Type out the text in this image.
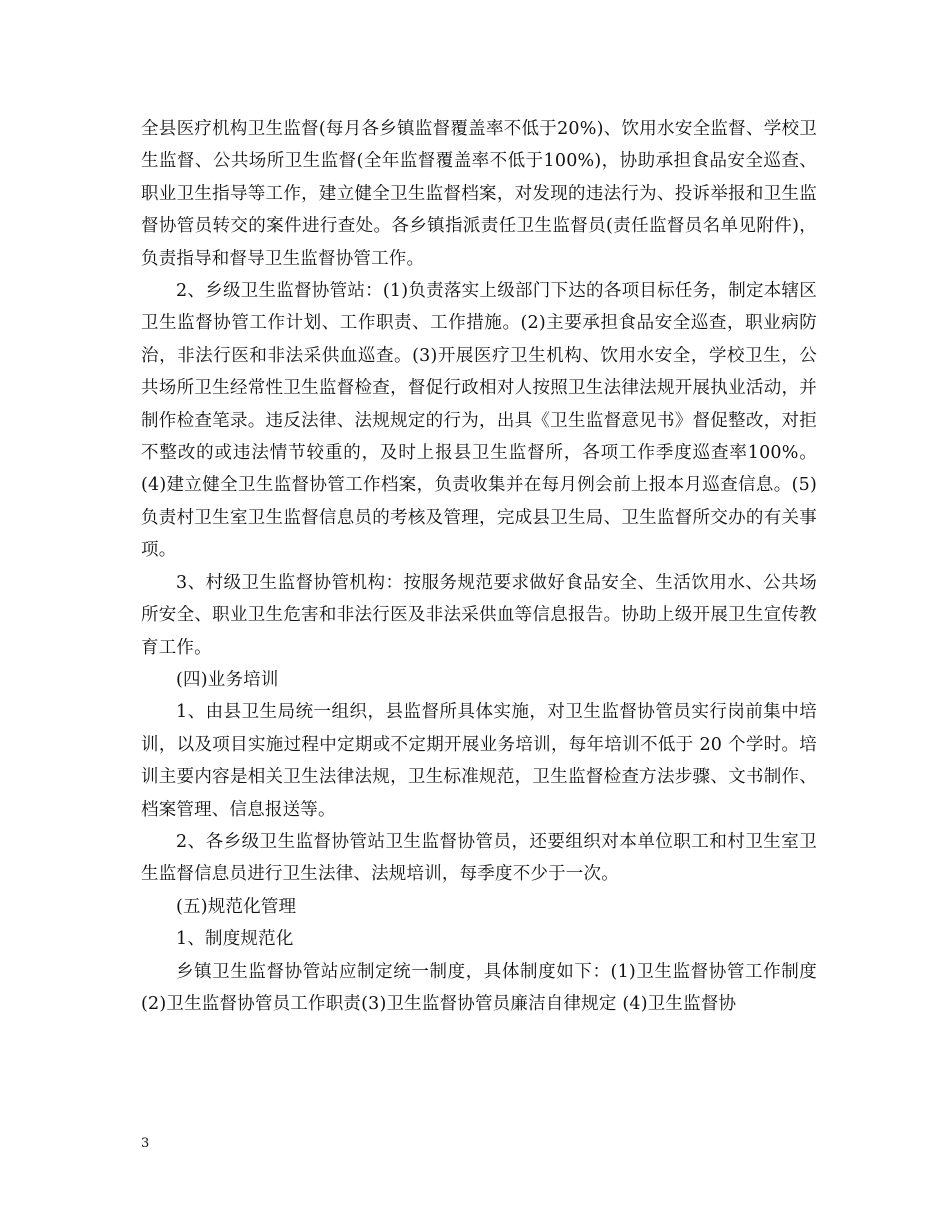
全县医疗机构卫生监督(每月各乡镇监督覆盖率不低于20%)、饮用水安全监督、学校卫生监督、公共场所卫生监督(全年监督覆盖率不低于100%)，协助承担食品安全巡查、职业卫生指导等工作，建立健全卫生监督档案，对发现的违法行为、投诉举报和卫生监督协管员转交的案件进行查处。各乡镇指派责任卫生监督员(责任监督员名单见附件)，负责指导和督导卫生监督协管工作。

2、乡级卫生监督协管站：(1)负责落实上级部门下达的各项目标任务，制定本辖区卫生监督协管工作计划、工作职责、工作措施。(2)主要承担食品安全巡查，职业病防治，非法行医和非法采供血巡查。(3)开展医疗卫生机构、饮用水安全，学校卫生，公共场所卫生经常性卫生监督检查，督促行政相对人按照卫生法律法规开展执业活动，并制作检查笔录。违反法律、法规规定的行为，出具《卫生监督意见书》督促整改，对拒不整改的或违法情节较重的，及时上报县卫生监督所，各项工作季度巡查率100%。(4)建立健全卫生监督协管工作档案，负责收集并在每月例会前上报本月巡查信息。(5)负责村卫生室卫生监督信息员的考核及管理，完成县卫生局、卫生监督所交办的有关事项。

3、村级卫生监督协管机构：按服务规范要求做好食品安全、生活饮用水、公共场所安全、职业卫生危害和非法行医及非法采供血等信息报告。协助上级开展卫生宣传教育工作。

(四)业务培训

1、由县卫生局统一组织，县监督所具体实施，对卫生监督协管员实行岗前集中培训，以及项目实施过程中定期或不定期开展业务培训，每年培训不低于 20 个学时。培训主要内容是相关卫生法律法规，卫生标准规范，卫生监督检查方法步骤、文书制作、档案管理、信息报送等。

2、各乡级卫生监督协管站卫生监督协管员，还要组织对本单位职工和村卫生室卫生监督信息员进行卫生法律、法规培训，每季度不少于一次。

(五)规范化管理

1、制度规范化

乡镇卫生监督协管站应制定统一制度，具体制度如下：(1)卫生监督协管工作制度(2)卫生监督协管员工作职责(3)卫生监督协管员廉洁自律规定 (4)卫生监督协

3
